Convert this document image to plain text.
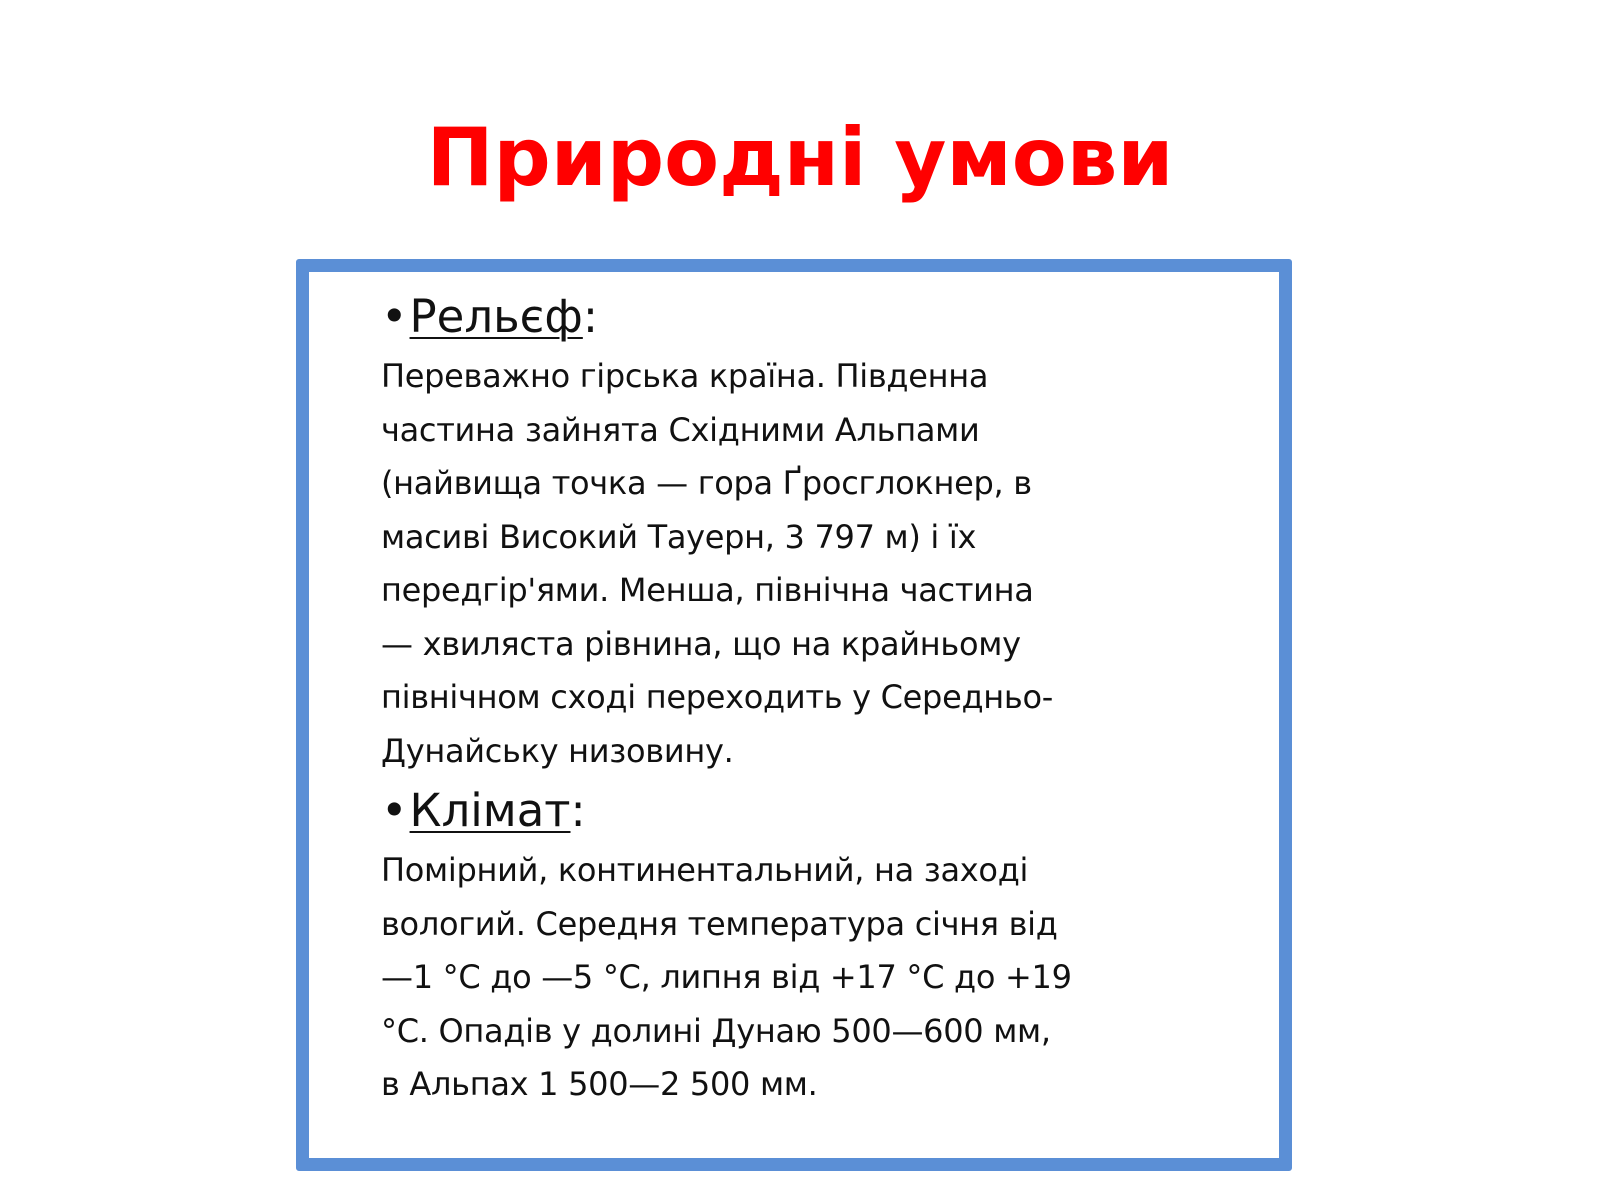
Природні умови

•Рельєф:

Переважно гірська країна. Південна
частина зайнята Східними Альпами
(найвища точка — гора Ґросглокнер, в
масиві Високий Тауерн, 3 797 м) і їх
передгір'ями. Менша, північна частина
— хвиляста рівнина, що на крайньому
північном сході переходить у Середньо-
Дунайську низовину.

•Клімат:

Помірний, континентальний, на заході
вологий. Середня температура січня від
—1 °C до —5 °C, липня від +17 °C до +19
°C. Опадів у долині Дунаю 500—600 мм,
в Альпах 1 500—2 500 мм.
